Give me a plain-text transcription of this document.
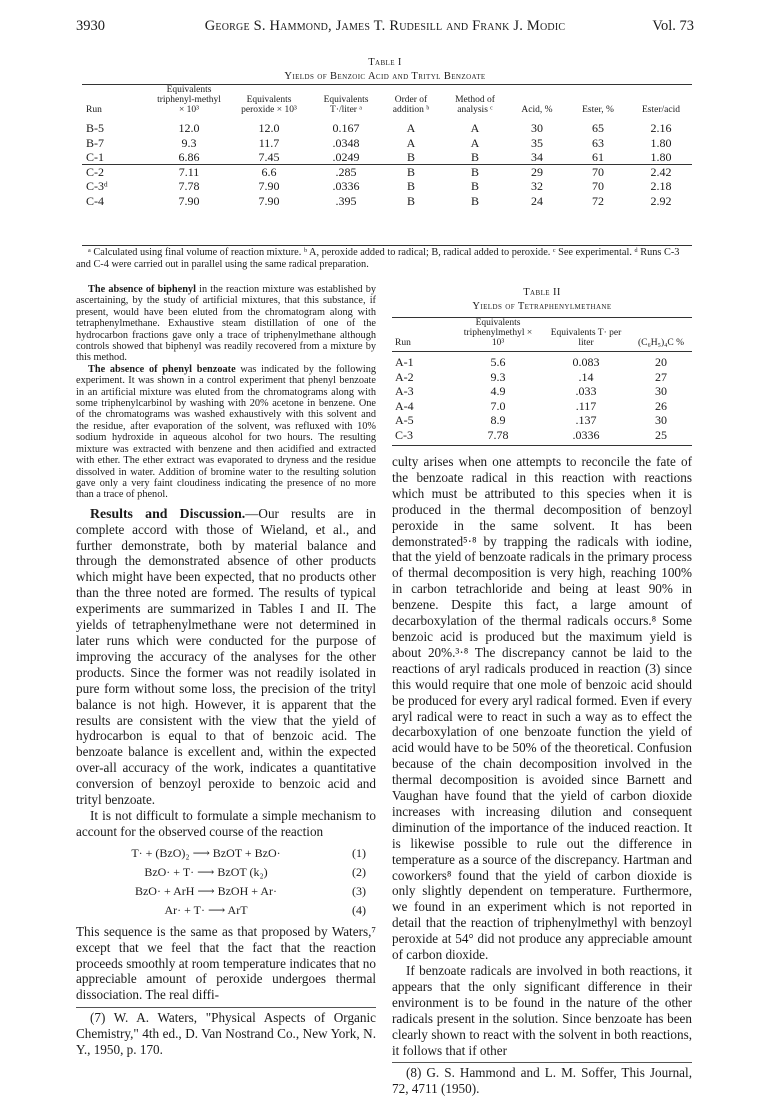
3930	George S. Hammond, James T. Rudesill and Frank J. Modic	Vol. 73
Table I
Yields of Benzoic Acid and Trityl Benzoate
Run	Equivalents triphenyl-methyl × 10³	Equivalents peroxide × 10³	Equivalents T·/liter ᵃ	Order of addition ᵇ	Method of analysis ᶜ	Acid, %	Ester, %	Ester/acid
B-5	12.0	12.0	0.167	A	A	30	65	2.16
B-7	9.3	11.7	.0348	A	A	35	63	1.80
C-1	6.86	7.45	.0249	B	B	34	61	1.80
C-2	7.11	6.6	.285	B	B	29	70	2.42
C-3ᵈ	7.78	7.90	.0336	B	B	32	70	2.18
C-4	7.90	7.90	.395	B	B	24	72	2.92
ᵃ Calculated using final volume of reaction mixture. ᵇ A, peroxide added to radical; B, radical added to peroxide. ᶜ See experimental. ᵈ Runs C-3 and C-4 were carried out in parallel using the same radical preparation.

The absence of biphenyl in the reaction mixture was established by ascertaining, by the study of artificial mixtures, that this substance, if present, would have been eluted from the chromatogram along with tetraphenylmethane. Exhaustive steam distillation of one of the hydrocarbon fractions gave only a trace of triphenylmethane although controls showed that biphenyl was readily recovered from a mixture by this method.

The absence of phenyl benzoate was indicated by the following experiment. It was shown in a control experiment that phenyl benzoate in an artificial mixture was eluted from the chromatograms along with some triphenylcarbinol by washing with 20% acetone in benzene. One of the chromatograms was washed exhaustively with this solvent and the residue, after evaporation of the solvent, was refluxed with 10% sodium hydroxide in aqueous alcohol for two hours. The resulting mixture was extracted with benzene and then acidified and extracted with ether. The ether extract was evaporated to dryness and the residue dissolved in water. Addition of bromine water to the resulting solution gave only a very faint cloudiness indicating the presence of no more than a trace of phenol.

Results and Discussion.—Our results are in complete accord with those of Wieland, et al., and further demonstrate, both by material balance and through the demonstrated absence of other products which might have been expected, that no products other than the three noted are formed. The results of typical experiments are summarized in Tables I and II. The yields of tetraphenylmethane were not determined in later runs which were conducted for the purpose of improving the accuracy of the analyses for the other products. Since the former was not readily isolated in pure form without some loss, the precision of the trityl balance is not high. However, it is apparent that the results are consistent with the view that the yield of hydrocarbon is equal to that of benzoic acid. The benzoate balance is excellent and, within the expected over-all accuracy of the work, indicates a quantitative conversion of benzoyl peroxide to benzoic acid and trityl benzoate.

It is not difficult to formulate a simple mechanism to account for the observed course of the reaction

T· + (BzO)₂ ⟶ BzOT + BzO·	(1)
BzO· + T· ⟶ BzOT (k₂)	(2)
BzO· + ArH ⟶ BzOH + Ar·	(3)
Ar· + T· ⟶ ArT	(4)

This sequence is the same as that proposed by Waters,⁷ except that we feel that the fact that the reaction proceeds smoothly at room temperature indicates that no appreciable amount of peroxide undergoes thermal dissociation. The real diffi-

(7) W. A. Waters, "Physical Aspects of Organic Chemistry," 4th ed., D. Van Nostrand Co., New York, N. Y., 1950, p. 170.

Table II
Yields of Tetraphenylmethane
Run	Equivalents triphenylmethyl × 10³	Equivalents T· per liter	(C₆H₅)₄C %
A-1	5.6	0.083	20
A-2	9.3	.14	27
A-3	4.9	.033	30
A-4	7.0	.117	26
A-5	8.9	.137	30
C-3	7.78	.0336	25

culty arises when one attempts to reconcile the fate of the benzoate radical in this reaction with reactions which must be attributed to this species when it is produced in the thermal decomposition of benzoyl peroxide in the same solvent. It has been demonstrated⁵·⁸ by trapping the radicals with iodine, that the yield of benzoate radicals in the primary process of thermal decomposition is very high, reaching 100% in carbon tetrachloride and being at least 90% in benzene. Despite this fact, a large amount of decarboxylation of the thermal radicals occurs.⁸ Some benzoic acid is produced but the maximum yield is about 20%.³·⁸ The discrepancy cannot be laid to the reactions of aryl radicals produced in reaction (3) since this would require that one mole of benzoic acid should be produced for every aryl radical formed. Even if every aryl radical were to react in such a way as to effect the decarboxylation of one benzoate function the yield of acid would have to be 50% of the theoretical. Confusion because of the chain decomposition involved in the thermal decomposition is avoided since Barnett and Vaughan have found that the yield of carbon dioxide increases with increasing dilution and consequent diminution of the importance of the induced reaction. It is likewise possible to rule out the difference in temperature as a source of the discrepancy. Hartman and coworkers⁸ found that the yield of carbon dioxide is only slightly dependent on temperature. Furthermore, we found in an experiment which is not reported in detail that the reaction of triphenylmethyl with benzoyl peroxide at 54° did not produce any appreciable amount of carbon dioxide.

If benzoate radicals are involved in both reactions, it appears that the only significant difference in their environment is to be found in the nature of the other radicals present in the solution. Since benzoate has been clearly shown to react with the solvent in both reactions, it follows that if other

(8) G. S. Hammond and L. M. Soffer, This Journal, 72, 4711 (1950).
